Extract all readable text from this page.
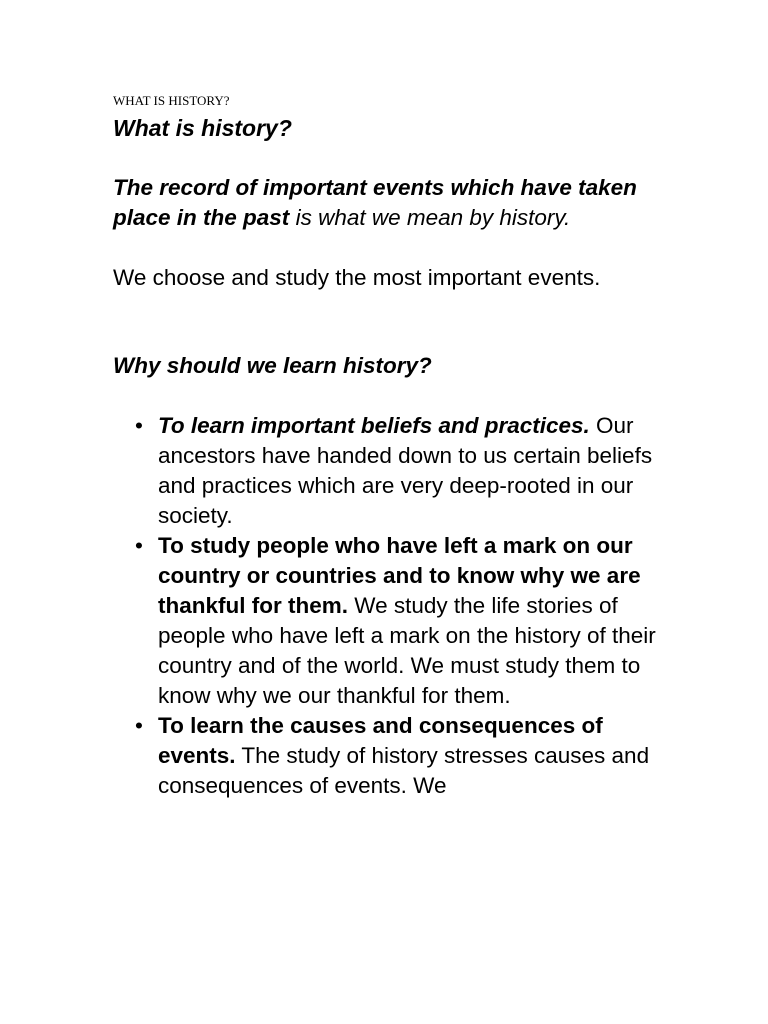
WHAT IS HISTORY?

What is history?

The record of important events which have taken place in the past is what we mean by history.

We choose and study the most important events.

Why should we learn history?

• To learn important beliefs and practices. Our ancestors have handed down to us certain beliefs and practices which are very deep-rooted in our society.
• To study people who have left a mark on our country or countries and to know why we are thankful for them. We study the life stories of people who have left a mark on the history of their country and of the world. We must study them to know why we our thankful for them.
• To learn the causes and consequences of events. The study of history stresses causes and consequences of events. We
